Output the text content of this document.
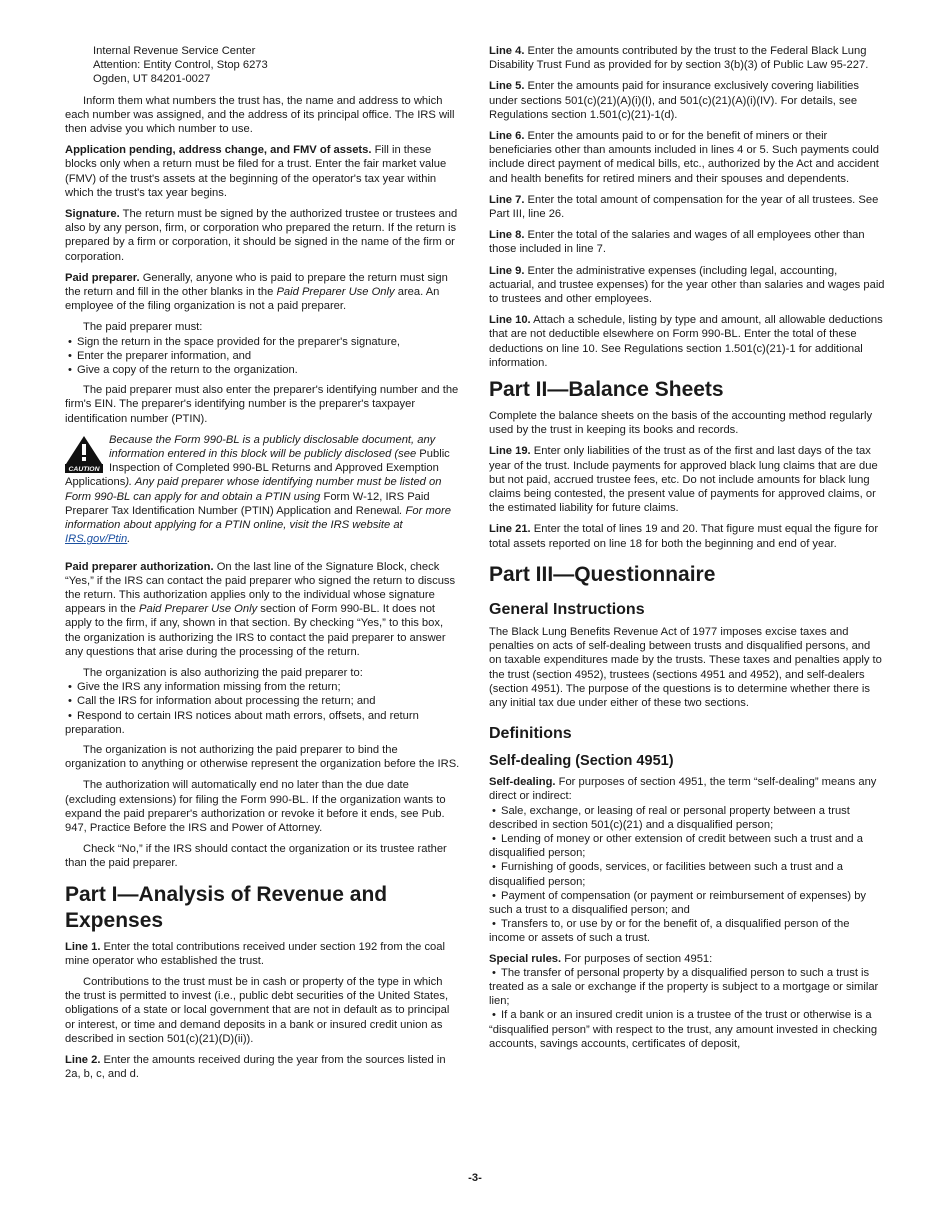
Internal Revenue Service Center
Attention: Entity Control, Stop 6273
Ogden, UT 84201-0027

Inform them what numbers the trust has, the name and address to which each number was assigned, and the address of its principal office. The IRS will then advise you which number to use.

Application pending, address change, and FMV of assets. Fill in these blocks only when a return must be filed for a trust. Enter the fair market value (FMV) of the trust's assets at the beginning of the operator's tax year within which the trust's tax year begins.

Signature. The return must be signed by the authorized trustee or trustees and also by any person, firm, or corporation who prepared the return. If the return is prepared by a firm or corporation, it should be signed in the name of the firm or corporation.

Paid preparer. Generally, anyone who is paid to prepare the return must sign the return and fill in the other blanks in the Paid Preparer Use Only area. An employee of the filing organization is not a paid preparer.

The paid preparer must:

• Sign the return in the space provided for the preparer's signature,
• Enter the preparer information, and
• Give a copy of the return to the organization.

The paid preparer must also enter the preparer's identifying number and the firm's EIN. The preparer's identifying number is the preparer's taxpayer identification number (PTIN).

CAUTION
Because the Form 990-BL is a publicly disclosable document, any information entered in this block will be publicly disclosed (see Public Inspection of Completed 990-BL Returns and Approved Exemption Applications). Any paid preparer whose identifying number must be listed on Form 990-BL can apply for and obtain a PTIN using Form W-12, IRS Paid Preparer Tax Identification Number (PTIN) Application and Renewal. For more information about applying for a PTIN online, visit the IRS website at IRS.gov/Ptin.

Paid preparer authorization. On the last line of the Signature Block, check “Yes,” if the IRS can contact the paid preparer who signed the return to discuss the return. This authorization applies only to the individual whose signature appears in the Paid Preparer Use Only section of Form 990-BL. It does not apply to the firm, if any, shown in that section. By checking “Yes,” to this box, the organization is authorizing the IRS to contact the paid preparer to answer any questions that arise during the processing of the return.

The organization is also authorizing the paid preparer to:

• Give the IRS any information missing from the return;
• Call the IRS for information about processing the return; and
• Respond to certain IRS notices about math errors, offsets, and return preparation.

The organization is not authorizing the paid preparer to bind the organization to anything or otherwise represent the organization before the IRS.

The authorization will automatically end no later than the due date (excluding extensions) for filing the Form 990-BL. If the organization wants to expand the paid preparer's authorization or revoke it before it ends, see Pub. 947, Practice Before the IRS and Power of Attorney.

Check “No,” if the IRS should contact the organization or its trustee rather than the paid preparer.

Part I—Analysis of Revenue and Expenses

Line 1. Enter the total contributions received under section 192 from the coal mine operator who established the trust.

Contributions to the trust must be in cash or property of the type in which the trust is permitted to invest (i.e., public debt securities of the United States, obligations of a state or local government that are not in default as to principal or interest, or time and demand deposits in a bank or insured credit union as described in section 501(c)(21)(D)(ii)).

Line 2. Enter the amounts received during the year from the sources listed in 2a, b, c, and d.

Line 4. Enter the amounts contributed by the trust to the Federal Black Lung Disability Trust Fund as provided for by section 3(b)(3) of Public Law 95-227.

Line 5. Enter the amounts paid for insurance exclusively covering liabilities under sections 501(c)(21)(A)(i)(I), and 501(c)(21)(A)(i)(IV). For details, see Regulations section 1.501(c)(21)-1(d).

Line 6. Enter the amounts paid to or for the benefit of miners or their beneficiaries other than amounts included in lines 4 or 5. Such payments could include direct payment of medical bills, etc., authorized by the Act and accident and health benefits for retired miners and their spouses and dependents.

Line 7. Enter the total amount of compensation for the year of all trustees. See Part III, line 26.

Line 8. Enter the total of the salaries and wages of all employees other than those included in line 7.

Line 9. Enter the administrative expenses (including legal, accounting, actuarial, and trustee expenses) for the year other than salaries and wages paid to trustees and other employees.

Line 10. Attach a schedule, listing by type and amount, all allowable deductions that are not deductible elsewhere on Form 990-BL. Enter the total of these deductions on line 10. See Regulations section 1.501(c)(21)-1 for additional information.

Part II—Balance Sheets

Complete the balance sheets on the basis of the accounting method regularly used by the trust in keeping its books and records.

Line 19. Enter only liabilities of the trust as of the first and last days of the tax year of the trust. Include payments for approved black lung claims that are due but not paid, accrued trustee fees, etc. Do not include amounts for black lung claims being contested, the present value of payments for approved claims, or the estimated liability for future claims.

Line 21. Enter the total of lines 19 and 20. That figure must equal the figure for total assets reported on line 18 for both the beginning and end of year.

Part III—Questionnaire
General Instructions

The Black Lung Benefits Revenue Act of 1977 imposes excise taxes and penalties on acts of self-dealing between trusts and disqualified persons, and on taxable expenditures made by the trusts. These taxes and penalties apply to the trust (section 4952), trustees (sections 4951 and 4952), and self-dealers (section 4951). The purpose of the questions is to determine whether there is any initial tax due under either of these two sections.

Definitions
Self-dealing (Section 4951)

Self-dealing. For purposes of section 4951, the term “self-dealing” means any direct or indirect:

• Sale, exchange, or leasing of real or personal property between a trust described in section 501(c)(21) and a disqualified person;
• Lending of money or other extension of credit between such a trust and a disqualified person;
• Furnishing of goods, services, or facilities between such a trust and a disqualified person;
• Payment of compensation (or payment or reimbursement of expenses) by such a trust to a disqualified person; and
• Transfers to, or use by or for the benefit of, a disqualified person of the income or assets of such a trust.

Special rules. For purposes of section 4951:

• The transfer of personal property by a disqualified person to such a trust is treated as a sale or exchange if the property is subject to a mortgage or similar lien;
• If a bank or an insured credit union is a trustee of the trust or otherwise is a “disqualified person” with respect to the trust, any amount invested in checking accounts, savings accounts, certificates of deposit,
-3-
